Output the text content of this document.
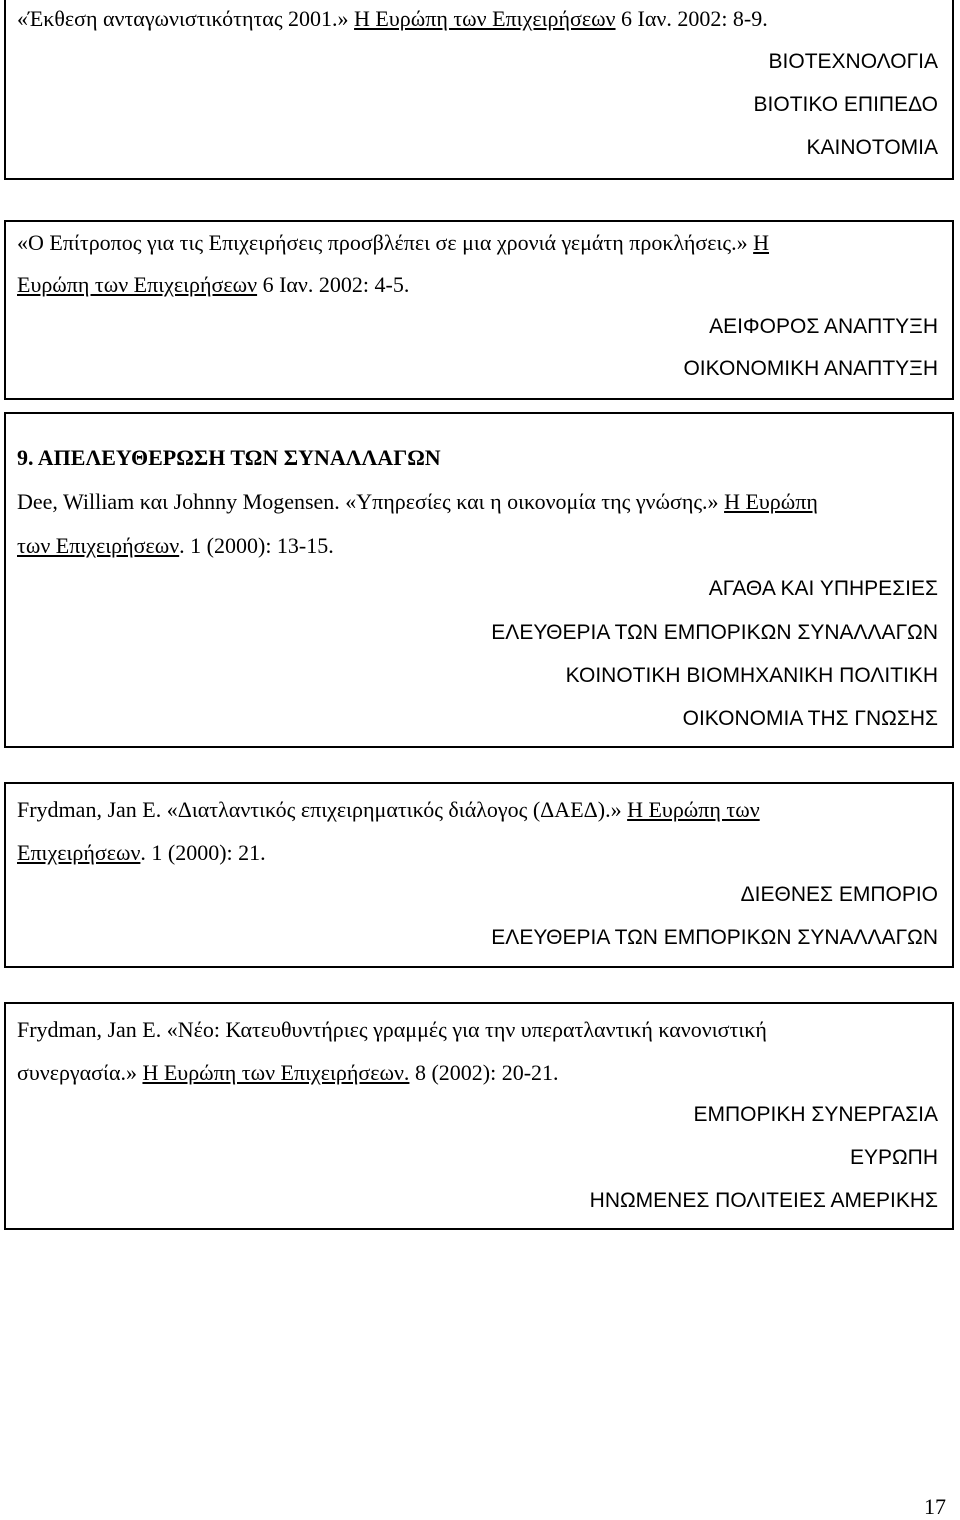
«Έκθεση ανταγωνιστικότητας 2001.» Η Ευρώπη των Επιχειρήσεων 6 Ιαν. 2002: 8-9.
ΒΙΟΤΕΧΝΟΛΟΓΙΑ
ΒΙΟΤΙΚΟ ΕΠΙΠΕΔΟ
ΚΑΙΝΟΤΟΜΙΑ
«Ο Επίτροπος για τις Επιχειρήσεις προσβλέπει σε μια χρονιά γεμάτη προκλήσεις.» Η
Ευρώπη των Επιχειρήσεων 6 Ιαν. 2002: 4-5.
ΑΕΙΦΟΡΟΣ ΑΝΑΠΤΥΞΗ
ΟΙΚΟΝΟΜΙΚΗ ΑΝΑΠΤΥΞΗ
9. ΑΠΕΛΕΥΘΕΡΩΣΗ ΤΩΝ ΣΥΝΑΛΛΑΓΩΝ
Dee, William και Johnny Mogensen. «Υπηρεσίες και η οικονομία της γνώσης.» Η Ευρώπη
των Επιχειρήσεων. 1 (2000): 13-15.
ΑΓΑΘΑ ΚΑΙ ΥΠΗΡΕΣΙΕΣ
ΕΛΕΥΘΕΡΙΑ ΤΩΝ ΕΜΠΟΡΙΚΩΝ ΣΥΝΑΛΛΑΓΩΝ
ΚΟΙΝΟΤΙΚΗ ΒΙΟΜΗΧΑΝΙΚΗ ΠΟΛΙΤΙΚΗ
ΟΙΚΟΝΟΜΙΑ ΤΗΣ ΓΝΩΣΗΣ
Frydman, Jan E. «Διατλαντικός επιχειρηματικός διάλογος (ΔΑΕΔ).» Η Ευρώπη των
Επιχειρήσεων. 1 (2000): 21.
ΔΙΕΘΝΕΣ ΕΜΠΟΡΙΟ
ΕΛΕΥΘΕΡΙΑ ΤΩΝ ΕΜΠΟΡΙΚΩΝ ΣΥΝΑΛΛΑΓΩΝ
Frydman, Jan E. «Νέο: Κατευθυντήριες γραμμές για την υπερατλαντική κανονιστική
συνεργασία.» Η Ευρώπη των Επιχειρήσεων. 8 (2002): 20-21.
ΕΜΠΟΡΙΚΗ ΣΥΝΕΡΓΑΣΙΑ
ΕΥΡΩΠΗ
ΗΝΩΜΕΝΕΣ ΠΟΛΙΤΕΙΕΣ ΑΜΕΡΙΚΗΣ
17
